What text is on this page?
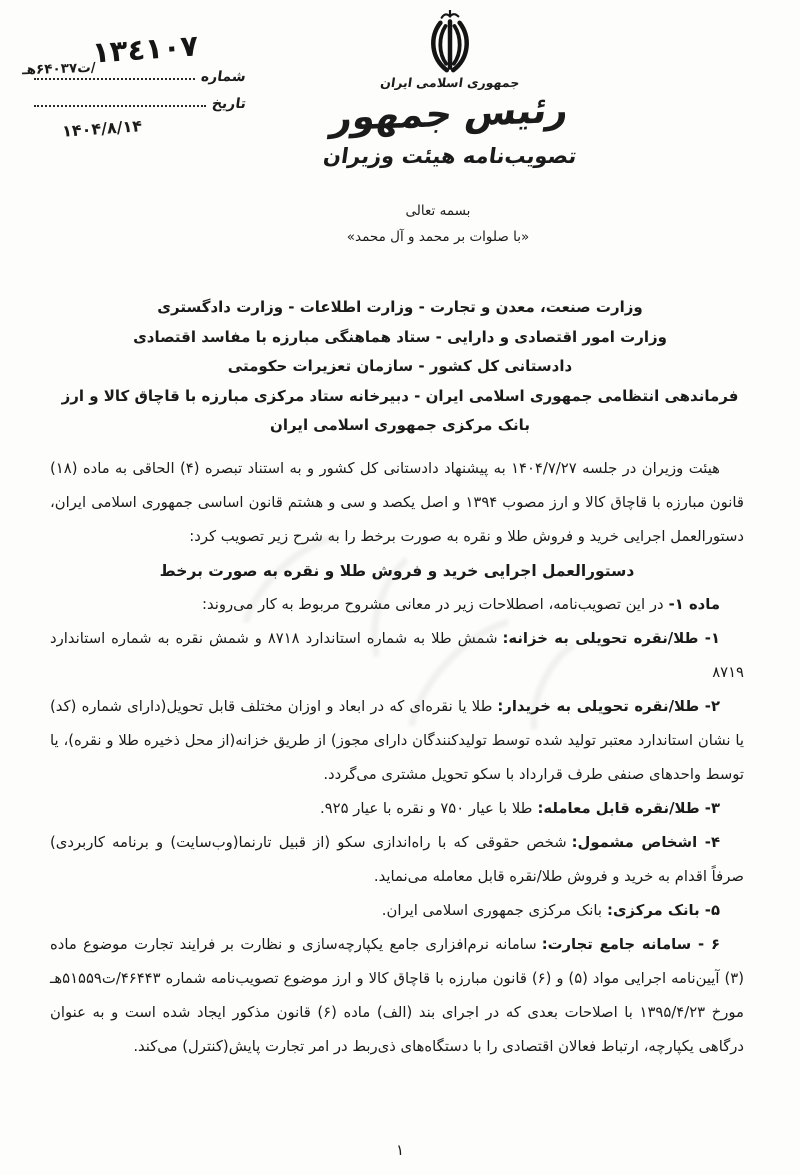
١٣٤١٠٧
شماره
تاریخ
/ت۶۴۰۳۷هـ
۱۴۰۴/۸/۱۴
جمهوری اسلامی ایران
رئیس جمهور
تصویب‌نامه هیئت وزیران
بسمه تعالی
«با صلوات بر محمد و آل محمد»
وزارت صنعت، معدن و تجارت - وزارت اطلاعات - وزارت دادگستری
وزارت امور اقتصادی و دارایی - ستاد هماهنگی مبارزه با مفاسد اقتصادی
دادستانی کل کشور - سازمان تعزیرات حکومتی
فرماندهی انتظامی جمهوری اسلامی ایران - دبیرخانه ستاد مرکزی مبارزه با قاچاق کالا و ارز
بانک مرکزی جمهوری اسلامی ایران

هیئت وزیران در جلسه ۱۴۰۴/۷/۲۷ به پیشنهاد دادستانی کل کشور و به استناد تبصره (۴) الحاقی به ماده (۱۸) قانون مبارزه با قاچاق کالا و ارز مصوب ۱۳۹۴ و اصل یکصد و سی و هشتم قانون اساسی جمهوری اسلامی ایران، دستورالعمل اجرایی خرید و فروش طلا و نقره به صورت برخط را به شرح زیر تصویب کرد:

دستورالعمل اجرایی خرید و فروش طلا و نقره به صورت برخط

ماده ۱-در این تصویب‌نامه، اصطلاحات زیر در معانی مشروح مربوط به کار می‌روند:

۱- طلا/نقره تحویلی به خزانه:شمش طلا به شماره استاندارد ۸۷۱۸ و شمش نقره به شماره استاندارد ۸۷۱۹

۲- طلا/نقره تحویلی به خریدار:طلا یا نقره‌ای که در ابعاد و اوزان مختلف قابل تحویل(دارای شماره (کد) یا نشان استاندارد معتبر تولید شده توسط تولیدکنندگان دارای مجوز) از طریق خزانه(از محل ذخیره طلا و نقره)، یا توسط واحدهای صنفی طرف قرارداد با سکو تحویل مشتری می‌گردد.

۳- طلا/نقره قابل معامله:طلا با عیار ۷۵۰ و نقره با عیار ۹۲۵.

۴- اشخاص مشمول:شخص حقوقی که با راه‌اندازی سکو (از قبیل تارنما(وب‌سایت) و برنامه کاربردی) صرفاً اقدام به خرید و فروش طلا/نقره قابل معامله می‌نماید.

۵- بانک مرکزی:بانک مرکزی جمهوری اسلامی ایران.

۶ - سامانه جامع تجارت:سامانه نرم‌افزاری جامع یکپارچه‌سازی و نظارت بر فرایند تجارت موضوع ماده (۳) آیین‌نامه اجرایی مواد (۵) و (۶) قانون مبارزه با قاچاق کالا و ارز موضوع تصویب‌نامه شماره ۴۶۴۴۳/ت۵۱۵۵۹هـ مورخ ۱۳۹۵/۴/۲۳ با اصلاحات بعدی که در اجرای بند (الف) ماده (۶) قانون مذکور ایجاد شده است و به عنوان درگاهی یکپارچه، ارتباط فعالان اقتصادی را با دستگاه‌های ذی‌ربط در امر تجارت پایش(کنترل) می‌کند.

۱
